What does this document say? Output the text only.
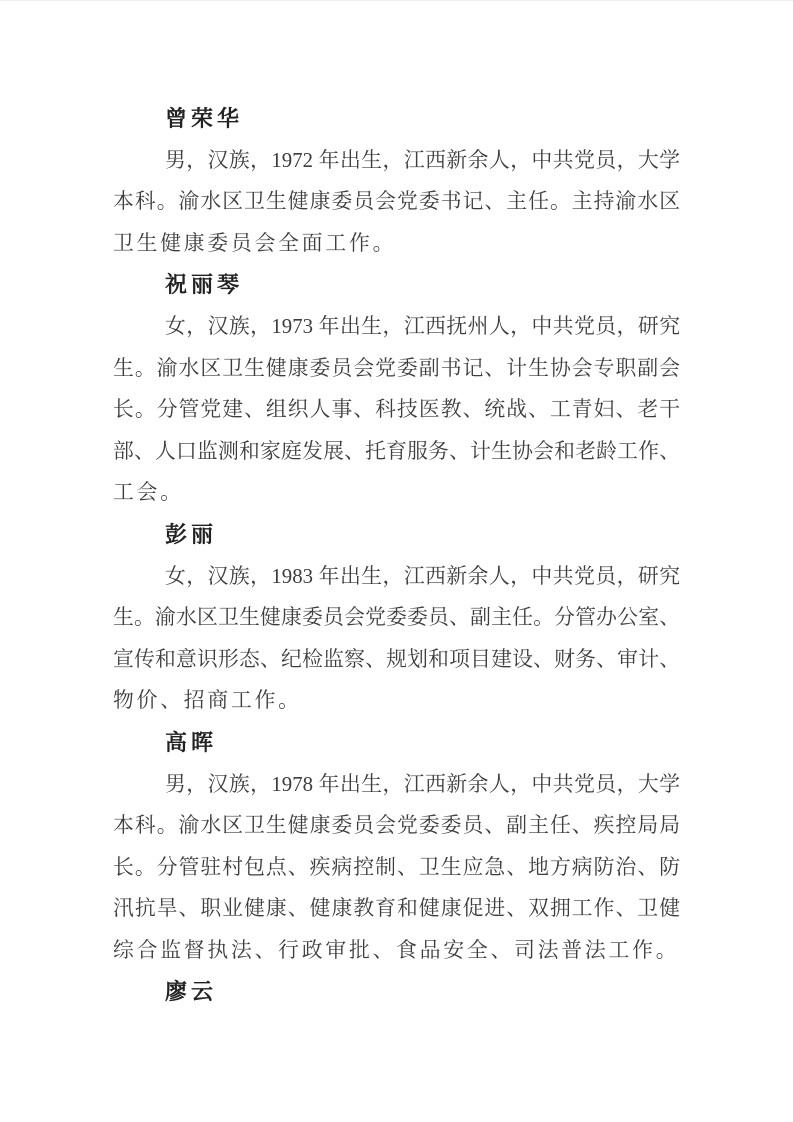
曾荣华
男，汉族，1972 年出生，江西新余人，中共党员，大学
本科。渝水区卫生健康委员会党委书记、主任。主持渝水区
卫生健康委员会全面工作。
祝丽琴
女，汉族，1973 年出生，江西抚州人，中共党员，研究
生。渝水区卫生健康委员会党委副书记、计生协会专职副会
长。分管党建、组织人事、科技医教、统战、工青妇、老干
部、人口监测和家庭发展、托育服务、计生协会和老龄工作、
工会。
彭丽
女，汉族，1983 年出生，江西新余人，中共党员，研究
生。渝水区卫生健康委员会党委委员、副主任。分管办公室、
宣传和意识形态、纪检监察、规划和项目建设、财务、审计、
物价、招商工作。
高晖
男，汉族，1978 年出生，江西新余人，中共党员，大学
本科。渝水区卫生健康委员会党委委员、副主任、疾控局局
长。分管驻村包点、疾病控制、卫生应急、地方病防治、防
汛抗旱、职业健康、健康教育和健康促进、双拥工作、卫健
综合监督执法、行政审批、食品安全、司法普法工作。
廖云
